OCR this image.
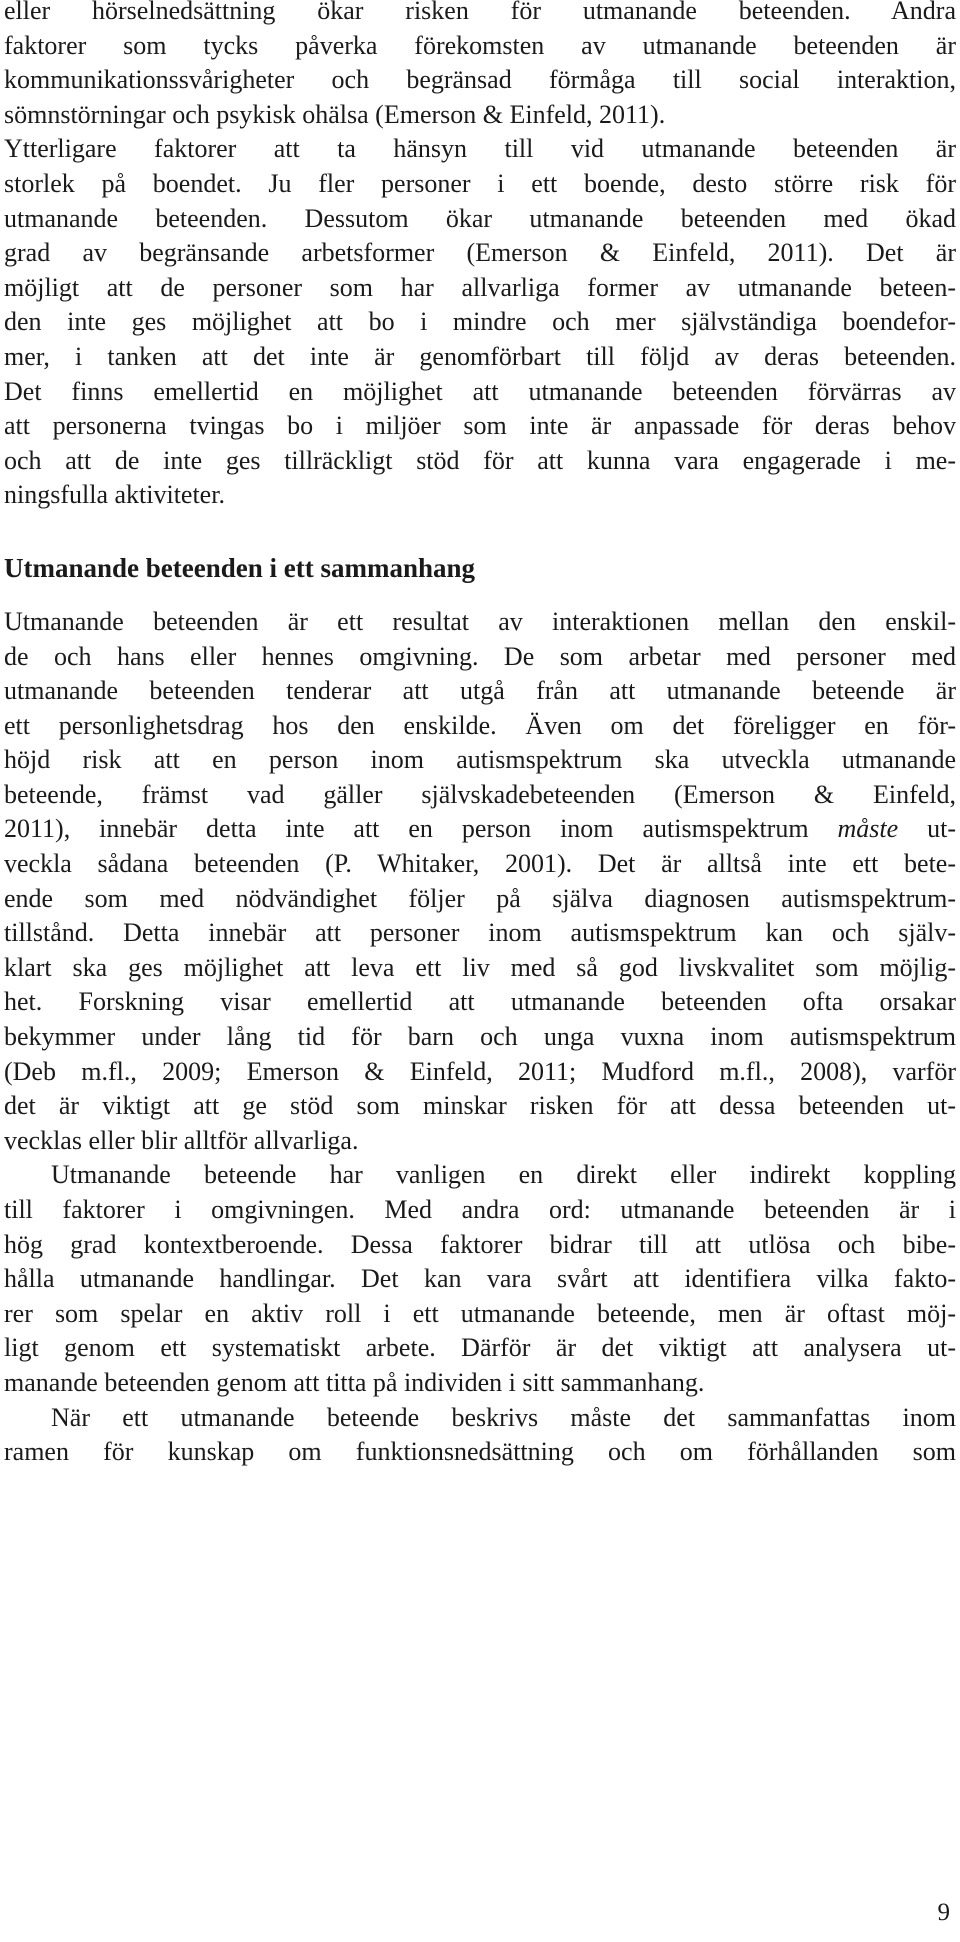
eller hörselnedsättning ökar risken för utmanande beteenden. Andra

faktorer som tycks påverka förekomsten av utmanande beteenden är

kommunikationssvårigheter och begränsad förmåga till social interaktion,

sömnstörningar och psykisk ohälsa (Emerson & Einfeld, 2011).

Ytterligare faktorer att ta hänsyn till vid utmanande beteenden är

storlek på boendet. Ju fler personer i ett boende, desto större risk för

utmanande beteenden. Dessutom ökar utmanande beteenden med ökad

grad av begränsande arbetsformer (Emerson & Einfeld, 2011). Det är

möjligt att de personer som har allvarliga former av utmanande beteen-

den inte ges möjlighet att bo i mindre och mer självständiga boendefor-

mer, i tanken att det inte är genomförbart till följd av deras beteenden.

Det finns emellertid en möjlighet att utmanande beteenden förvärras av

att personerna tvingas bo i miljöer som inte är anpassade för deras behov

och att de inte ges tillräckligt stöd för att kunna vara engagerade i me-

ningsfulla aktiviteter.

Utmanande beteenden i ett sammanhang

Utmanande beteenden är ett resultat av interaktionen mellan den enskil-

de och hans eller hennes omgivning. De som arbetar med personer med

utmanande beteenden tenderar att utgå från att utmanande beteende är

ett personlighetsdrag hos den enskilde. Även om det föreligger en för-

höjd risk att en person inom autismspektrum ska utveckla utmanande

beteende, främst vad gäller självskadebeteenden (Emerson & Einfeld,

2011), innebär detta inte att en person inom autismspektrum måste ut-

veckla sådana beteenden (P. Whitaker, 2001). Det är alltså inte ett bete-

ende som med nödvändighet följer på själva diagnosen autismspektrum-

tillstånd. Detta innebär att personer inom autismspektrum kan och själv-

klart ska ges möjlighet att leva ett liv med så god livskvalitet som möjlig-

het. Forskning visar emellertid att utmanande beteenden ofta orsakar

bekymmer under lång tid för barn och unga vuxna inom autismspektrum

(Deb m.fl., 2009; Emerson & Einfeld, 2011; Mudford m.fl., 2008), varför

det är viktigt att ge stöd som minskar risken för att dessa beteenden ut-

vecklas eller blir alltför allvarliga.

Utmanande beteende har vanligen en direkt eller indirekt koppling

till faktorer i omgivningen. Med andra ord: utmanande beteenden är i

hög grad kontextberoende. Dessa faktorer bidrar till att utlösa och bibe-

hålla utmanande handlingar. Det kan vara svårt att identifiera vilka fakto-

rer som spelar en aktiv roll i ett utmanande beteende, men är oftast möj-

ligt genom ett systematiskt arbete. Därför är det viktigt att analysera ut-

manande beteenden genom att titta på individen i sitt sammanhang.

När ett utmanande beteende beskrivs måste det sammanfattas inom

ramen för kunskap om funktionsnedsättning och om förhållanden som

9
